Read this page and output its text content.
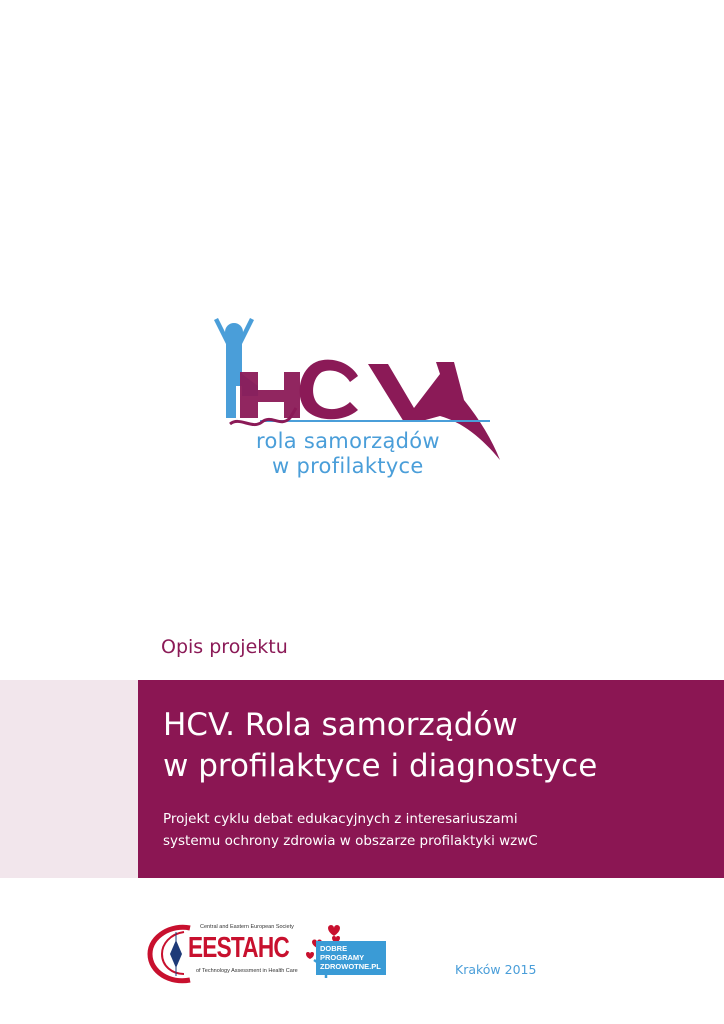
rola samorządów
w profilaktyce
Opis projektu
HCV. Rola samorządów
w profilaktyce i diagnostyce
Projekt cyklu debat edukacyjnych z interesariuszami
systemu ochrony zdrowia w obszarze profilaktyki wzwC
Central and Eastern European Society
EESTAHC
of Technology Assessment in Health Care
DOBRE
PROGRAMY
ZDROWOTNE.PL	Kraków 2015
